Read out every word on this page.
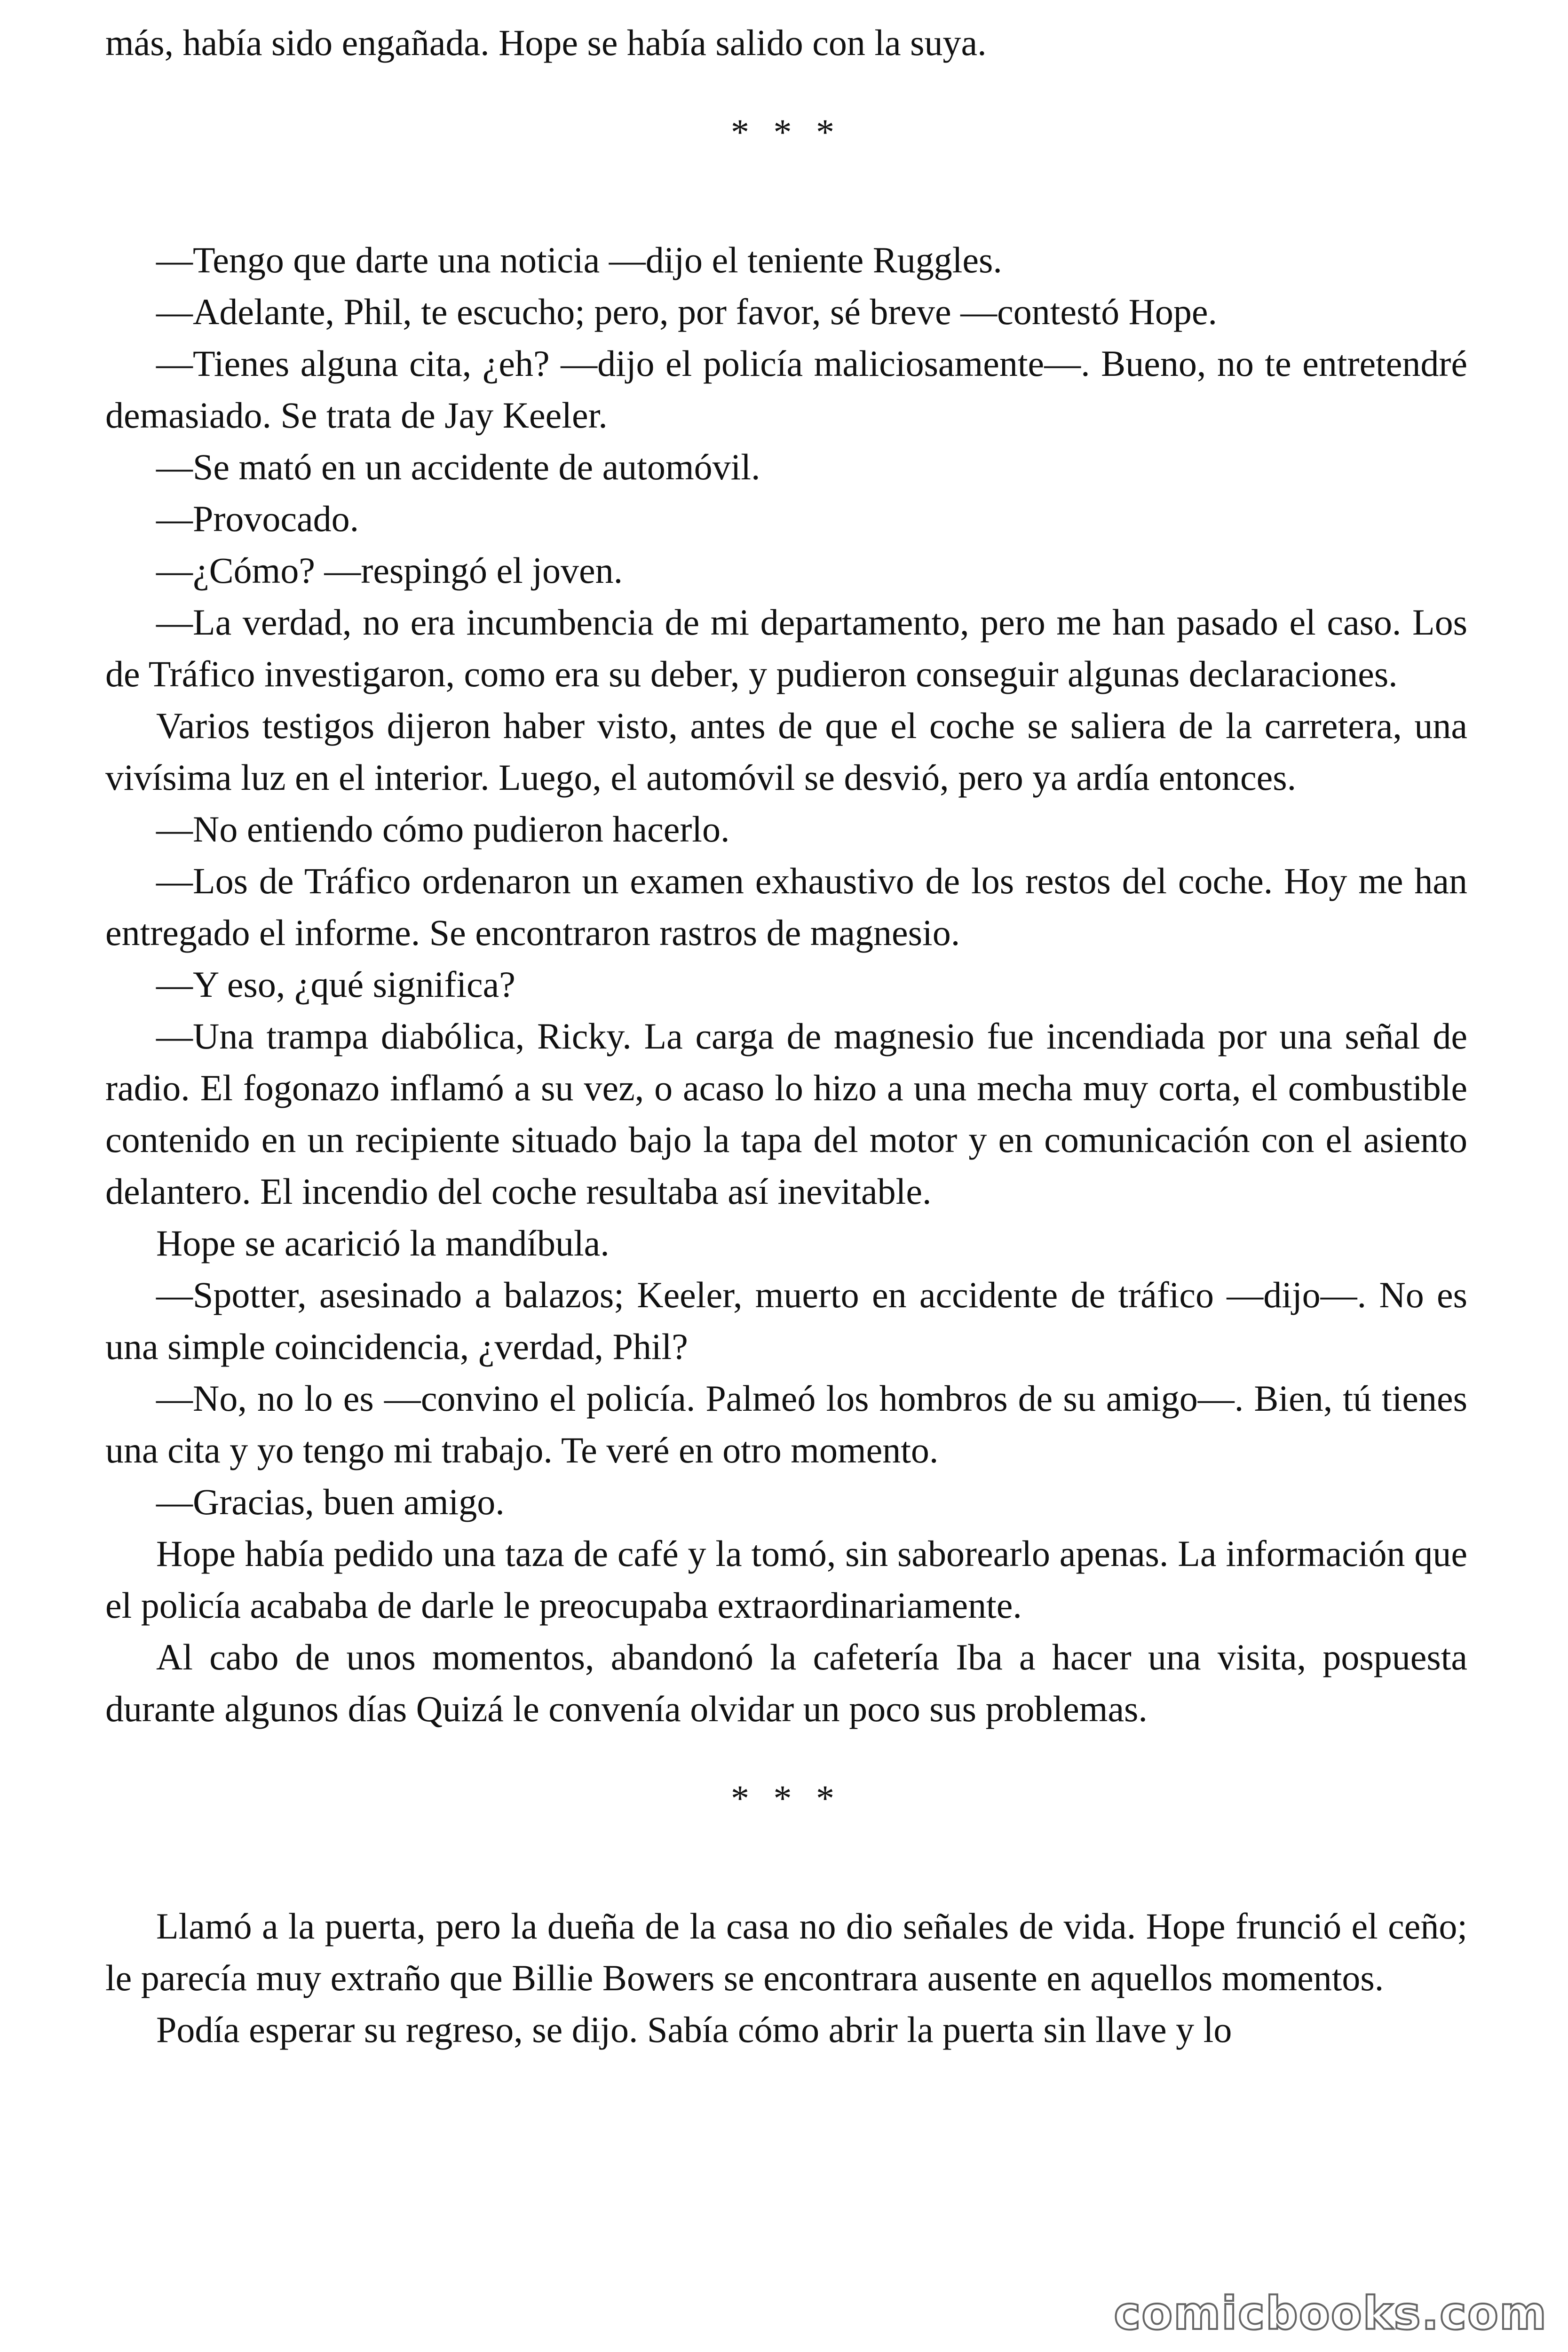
más, había sido engañada. Hope se había salido con la suya.

* * *

—Tengo que darte una noticia —dijo el teniente Ruggles.

—Adelante, Phil, te escucho; pero, por favor, sé breve —contestó Hope.

—Tienes alguna cita, ¿eh? —dijo el policía maliciosamente—. Bueno, no te entretendré demasiado. Se trata de Jay Keeler.

—Se mató en un accidente de automóvil.

—Provocado.

—¿Cómo? —respingó el joven.

—La verdad, no era incumbencia de mi departamento, pero me han pasado el caso. Los de Tráfico investigaron, como era su deber, y pudieron conseguir algunas declaraciones.

Varios testigos dijeron haber visto, antes de que el coche se saliera de la carretera, una vivísima luz en el interior. Luego, el automóvil se desvió, pero ya ardía entonces.

—No entiendo cómo pudieron hacerlo.

—Los de Tráfico ordenaron un examen exhaustivo de los restos del coche. Hoy me han entregado el informe. Se encontraron rastros de magnesio.

—Y eso, ¿qué significa?

—Una trampa diabólica, Ricky. La carga de magnesio fue incendiada por una señal de radio. El fogonazo inflamó a su vez, o acaso lo hizo a una mecha muy corta, el combustible contenido en un recipiente situado bajo la tapa del motor y en comunicación con el asiento delantero. El incendio del coche resultaba así inevitable.

Hope se acarició la mandíbula.

—Spotter, asesinado a balazos; Keeler, muerto en accidente de tráfico —dijo—. No es una simple coincidencia, ¿verdad, Phil?

—No, no lo es —convino el policía. Palmeó los hombros de su amigo—. Bien, tú tienes una cita y yo tengo mi trabajo. Te veré en otro momento.

—Gracias, buen amigo.

Hope había pedido una taza de café y la tomó, sin saborearlo apenas. La información que el policía acababa de darle le preocupaba extraordinariamente.

Al cabo de unos momentos, abandonó la cafetería Iba a hacer una visita, pospuesta durante algunos días Quizá le convenía olvidar un poco sus problemas.

* * *

Llamó a la puerta, pero la dueña de la casa no dio señales de vida. Hope frunció el ceño; le parecía muy extraño que Billie Bowers se encontrara ausente en aquellos momentos.

Podía esperar su regreso, se dijo. Sabía cómo abrir la puerta sin llave y lo

comicbooks.com
